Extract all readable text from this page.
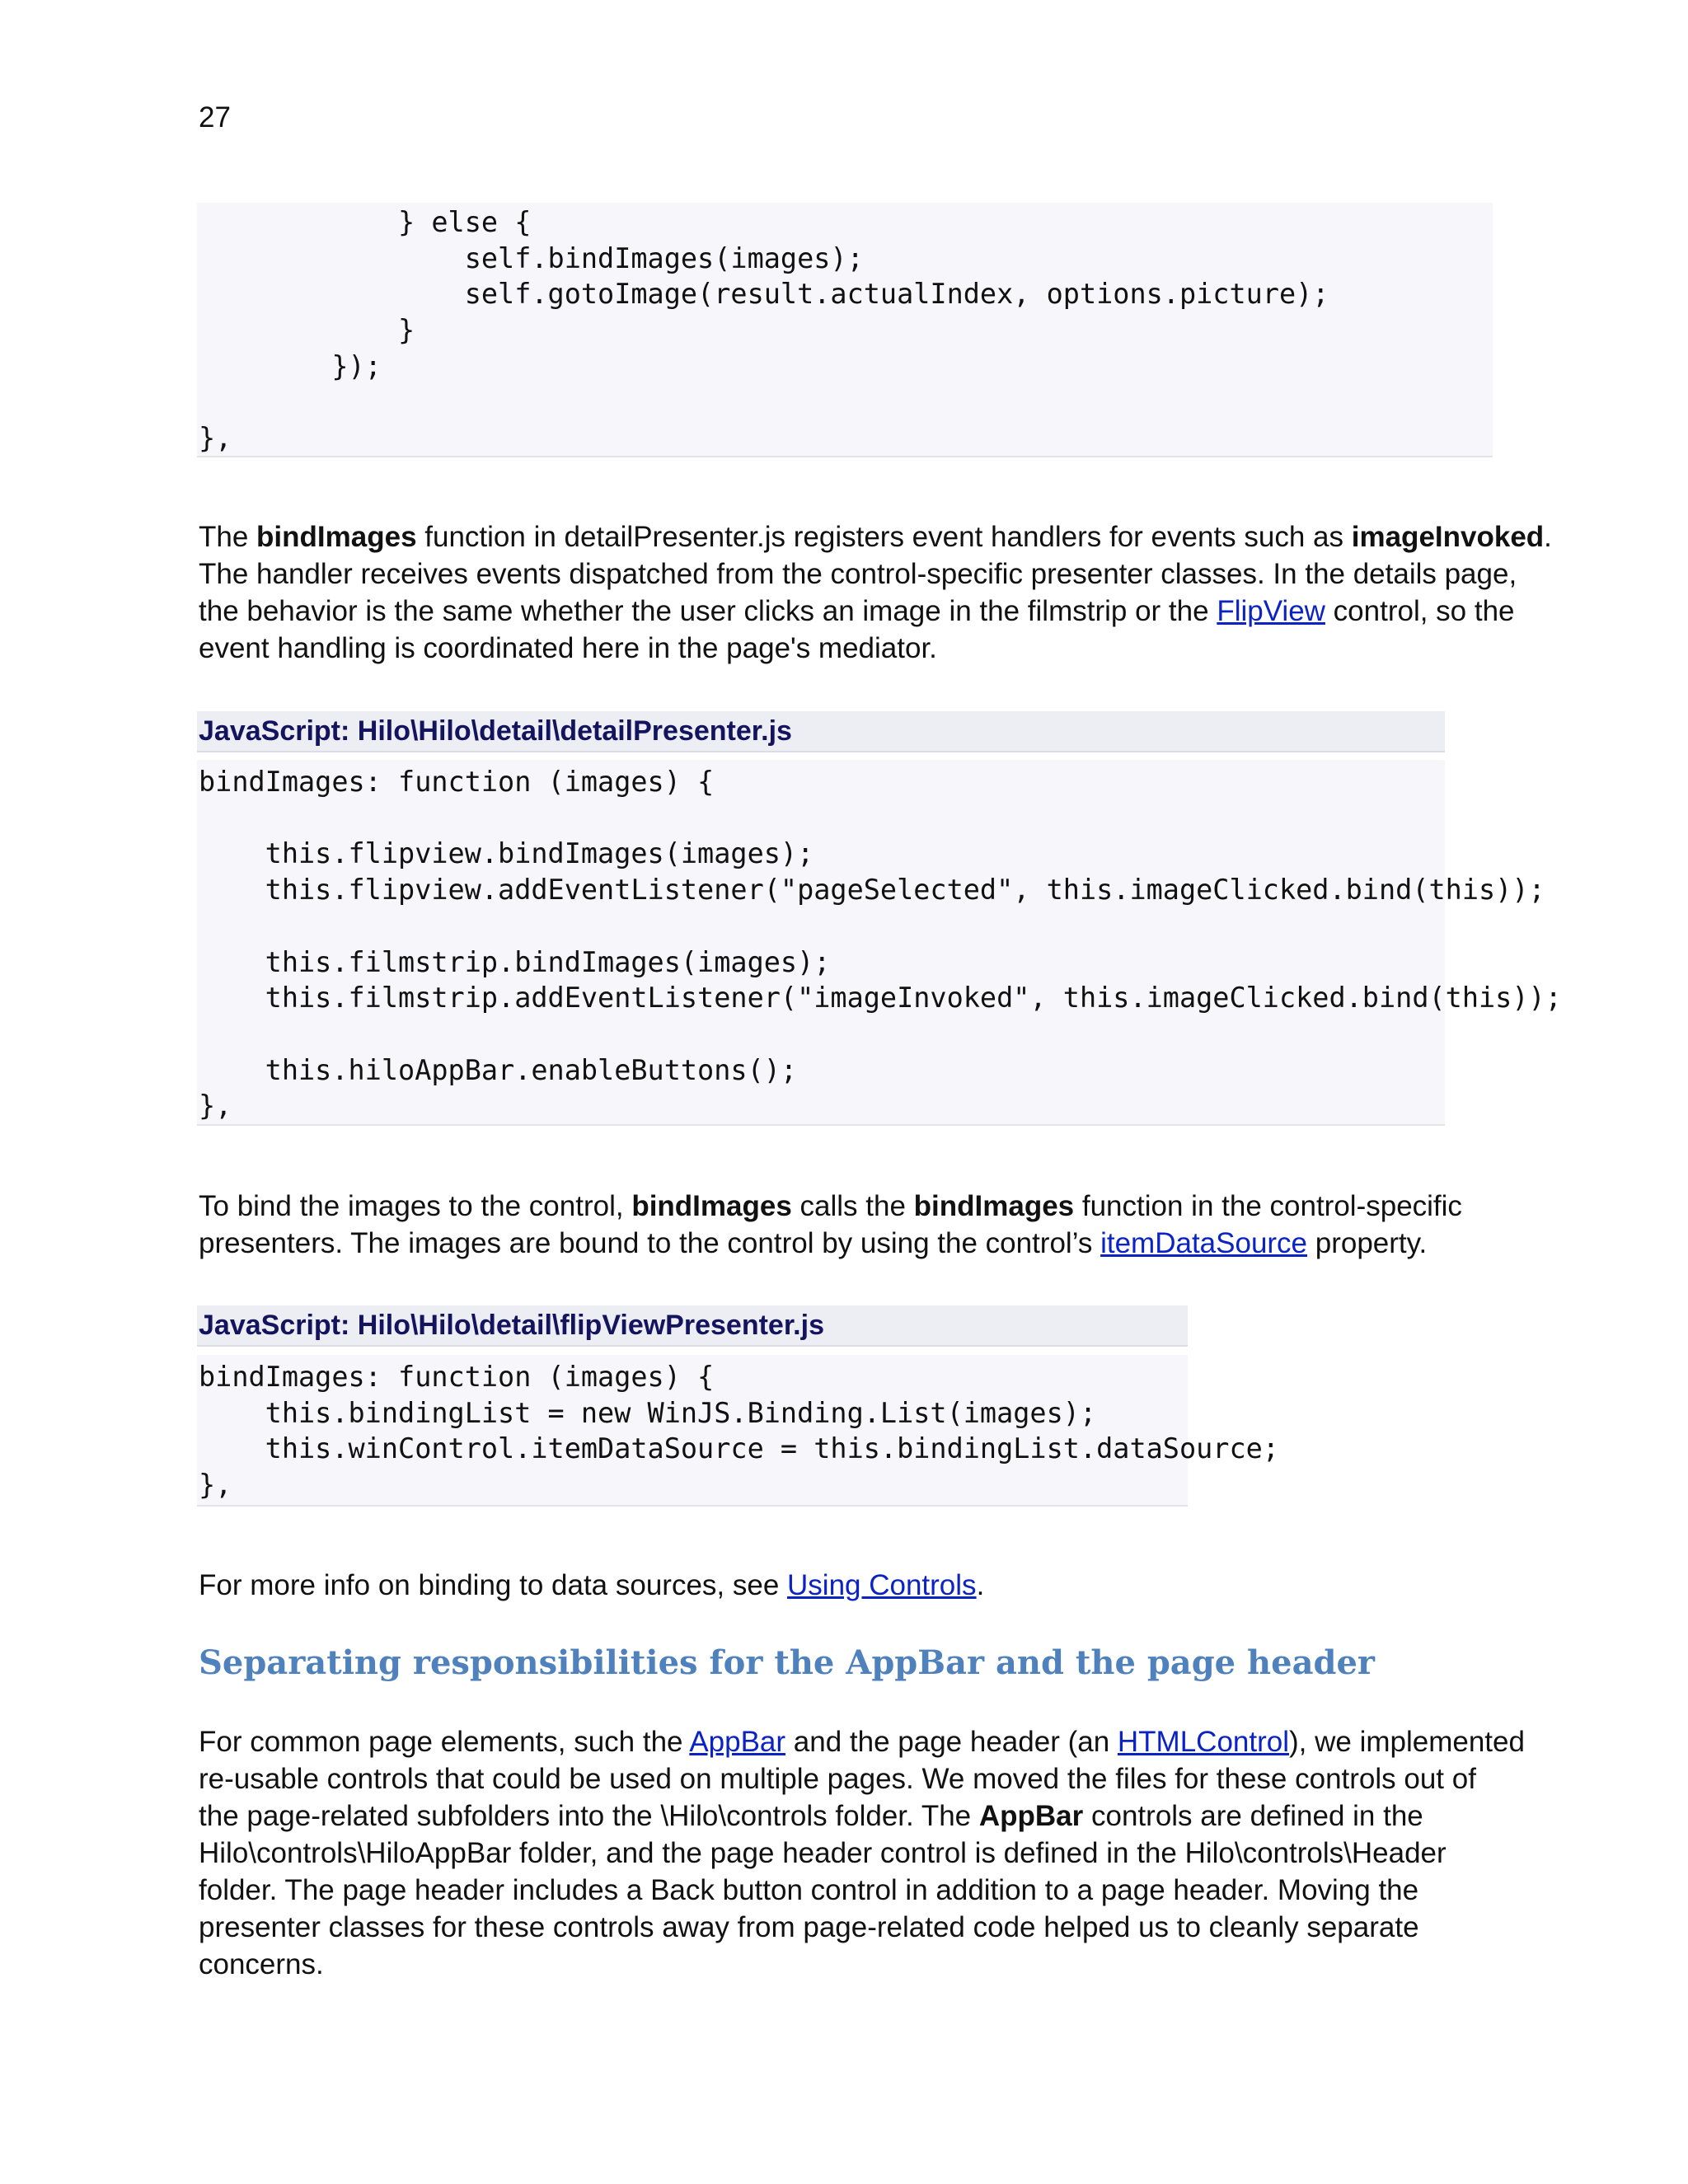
27
} else {
self.bindImages(images);
self.gotoImage(result.actualIndex, options.picture);
}
});

},

The bindImages function in detailPresenter.js registers event handlers for events such as imageInvoked.
The handler receives events dispatched from the control-specific presenter classes. In the details page,
the behavior is the same whether the user clicks an image in the filmstrip or the FlipView control, so the
event handling is coordinated here in the page's mediator.

JavaScript: Hilo\Hilo\detail\detailPresenter.js
bindImages: function (images) {

this.flipview.bindImages(images);
this.flipview.addEventListener("pageSelected", this.imageClicked.bind(this));

this.filmstrip.bindImages(images);
this.filmstrip.addEventListener("imageInvoked", this.imageClicked.bind(this));

this.hiloAppBar.enableButtons();
},

To bind the images to the control, bindImages calls the bindImages function in the control-specific
presenters. The images are bound to the control by using the control’s itemDataSource property.

JavaScript: Hilo\Hilo\detail\flipViewPresenter.js
bindImages: function (images) {
this.bindingList = new WinJS.Binding.List(images);
this.winControl.itemDataSource = this.bindingList.dataSource;
},

For more info on binding to data sources, see Using Controls.

Separating responsibilities for the AppBar and the page header

For common page elements, such the AppBar and the page header (an HTMLControl), we implemented
re-usable controls that could be used on multiple pages. We moved the files for these controls out of
the page-related subfolders into the \Hilo\controls folder. The AppBar controls are defined in the
Hilo\controls\HiloAppBar folder, and the page header control is defined in the Hilo\controls\Header
folder. The page header includes a Back button control in addition to a page header. Moving the
presenter classes for these controls away from page-related code helped us to cleanly separate
concerns.
